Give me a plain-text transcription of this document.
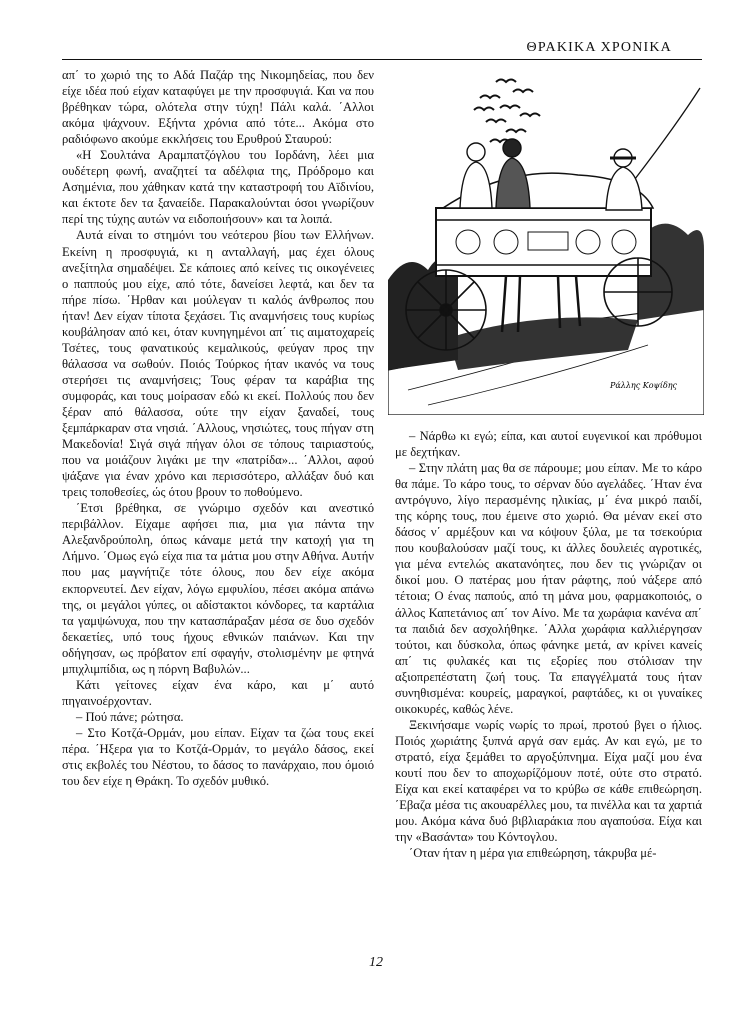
ΘΡΑΚΙΚΑ ΧΡΟΝΙΚΑ

απ΄ το χωριό της το Αδά Παζάρ της Νικομηδείας, που δεν είχε ιδέα πού είχαν καταφύγει με την προσφυγιά. Και να που βρέθηκαν τώρα, ολότελα στην τύχη! Πάλι καλά. ΄Αλλοι ακόμα ψάχνουν. Εξήντα χρόνια από τότε... Ακόμα στο ραδιόφωνο ακούμε εκκλήσεις του Ερυθρού Σταυρού:

«Η Σουλτάνα Αραμπατζόγλου του Ιορδάνη, λέει μια ουδέτερη φωνή, αναζητεί τα αδέλφια της, Πρόδρομο και Ασημένια, που χάθηκαν κατά την καταστροφή του Αϊδινίου, και έκτοτε δεν τα ξαναείδε. Παρακαλούνται όσοι γνωρίζουν περί της τύχης αυτών να ειδοποιήσουν» και τα λοιπά.

Αυτά είναι το στημόνι του νεότερου βίου των Ελλήνων. Εκείνη η προσφυγιά, κι η ανταλλαγή, μας έχει όλους ανεξίτηλα σημαδέψει. Σε κάποιες από κείνες τις οικογένειες ο παππούς μου είχε, από τότε, δανείσει λεφτά, και δεν τα πήρε πίσω. ΄Ηρθαν και μούλεγαν τι καλός άνθρωπος που ήταν! Δεν είχαν τίποτα ξεχάσει. Τις αναμνήσεις τους κυρίως κουβάλησαν από κει, όταν κυνηγημένοι απ΄ τις αιματοχαρείς Τσέτες, τους φανατικούς κεμαλικούς, φεύγαν προς την θάλασσα να σωθούν. Ποιός Τούρκος ήταν ικανός να τους στερήσει τις αναμνήσεις; Τους φέραν τα καράβια της συμφοράς, και τους μοίρασαν εδώ κι εκεί. Πολλούς που δεν ξέραν από θάλασσα, ούτε την είχαν ξαναδεί, τους ξεμπάρκαραν στα νησιά. ΄Αλλους, νησιώτες, τους πήγαν στη Μακεδονία! Σιγά σιγά πήγαν όλοι σε τόπους ταιριαστούς, που να μοιάζουν λιγάκι με την «πατρίδα»... ΄Αλλοι, αφού ψάξανε για έναν χρόνο και περισσότερο, αλλάξαν δυό και τρεις τοποθεσίες, ώς ότου βρουν το ποθούμενο.

΄Ετσι βρέθηκα, σε γνώριμο σχεδόν και ανεστικό περιβάλλον. Είχαμε αφήσει πια, μια για πάντα την Αλεξανδρούπολη, όπως κάναμε μετά την κατοχή για τη Λήμνο. ΄Ομως εγώ είχα πια τα μάτια μου στην Αθήνα. Αυτήν που μας μαγνήτιζε τότε όλους, που δεν είχε ακόμα εκπορνευτεί. Δεν είχαν, λόγω εμφυλίου, πέσει ακόμα απάνω της, οι μεγάλοι γύπες, οι αδίστακτοι κόνδορες, τα καρτάλια τα γαμψώνυχα, που την κατασπάραξαν μέσα σε δυο σχεδόν δεκαετίες, υπό τους ήχους εθνικών παιάνων. Και την οδήγησαν, ως πρόβατον επί σφαγήν, στολισμένην με φτηνά μπιχλιμπίδια, ως η πόρνη Βαβυλών...

Κάτι γείτονες είχαν ένα κάρο, και μ΄ αυτό πηγαινοέρχονταν.

– Πού πάνε; ρώτησα.

– Στο Κοτζά-Ορμάν, μου είπαν. Είχαν τα ζώα τους εκεί πέρα. ΄Ηξερα για το Κοτζά-Ορμάν, το μεγάλο δάσος, εκεί στις εκβολές του Νέστου, το δάσος το πανάρχαιο, που όμοιό του δεν είχε η Θράκη. Το σχεδόν μυθικό.

Ράλλης Κοψίδης

– Νάρθω κι εγώ; είπα, και αυτοί ευγενικοί και πρόθυμοι με δεχτήκαν.

– Στην πλάτη μας θα σε πάρουμε; μου είπαν. Με το κάρο θα πάμε. Το κάρο τους, το σέρναν δύο αγελάδες. ΄Ηταν ένα αντρόγυνο, λίγο περασμένης ηλικίας, μ΄ ένα μικρό παιδί, της κόρης τους, που έμεινε στο χωριό. Θα μέναν εκεί στο δάσος ν΄ αρμέξουν και να κόψουν ξύλα, με τα τσεκούρια που κουβαλούσαν μαζί τους, κι άλλες δουλειές αγροτικές, για μένα εντελώς ακατανόητες, που δεν τις γνώριζαν οι δικοί μου. Ο πατέρας μου ήταν ράφτης, πού νάξερε από τέτοια; Ο ένας παπούς, από τη μάνα μου, φαρμακοποιός, ο άλλος Καπετάνιος απ΄ τον Αίνο. Με τα χωράφια κανένα απ΄ τα παιδιά δεν ασχολήθηκε. ΄Αλλα χωράφια καλλιέργησαν τούτοι, και δύσκολα, όπως φάνηκε μετά, αν κρίνει κανείς απ΄ τις φυλακές και τις εξορίες που στόλισαν την αξιοπρεπέστατη ζωή τους. Τα επαγγέλματά τους ήταν συνηθισμένα: κουρείς, μαραγκοί, ραφτάδες, κι οι γυναίκες οικοκυρές, καθώς λένε.

Ξεκινήσαμε νωρίς νωρίς το πρωί, προτού βγει ο ήλιος. Ποιός χωριάτης ξυπνά αργά σαν εμάς. Αν και εγώ, με το στρατό, είχα ξεμάθει το αργοξύπνημα. Είχα μαζί μου ένα κουτί που δεν το αποχωρίζόμουν ποτέ, ούτε στο στρατό. Είχα και εκεί καταφέρει να το κρύβω σε κάθε επιθεώρηση. ΄Εβαζα μέσα τις ακουαρέλλες μου, τα πινέλλα και τα χαρτιά μου. Ακόμα κάνα δυό βιβλιαράκια που αγαπούσα. Είχα και την «Βασάντα» του Κόντογλου.

΄Οταν ήταν η μέρα για επιθεώρηση, τάκρυβα μέ-

12
